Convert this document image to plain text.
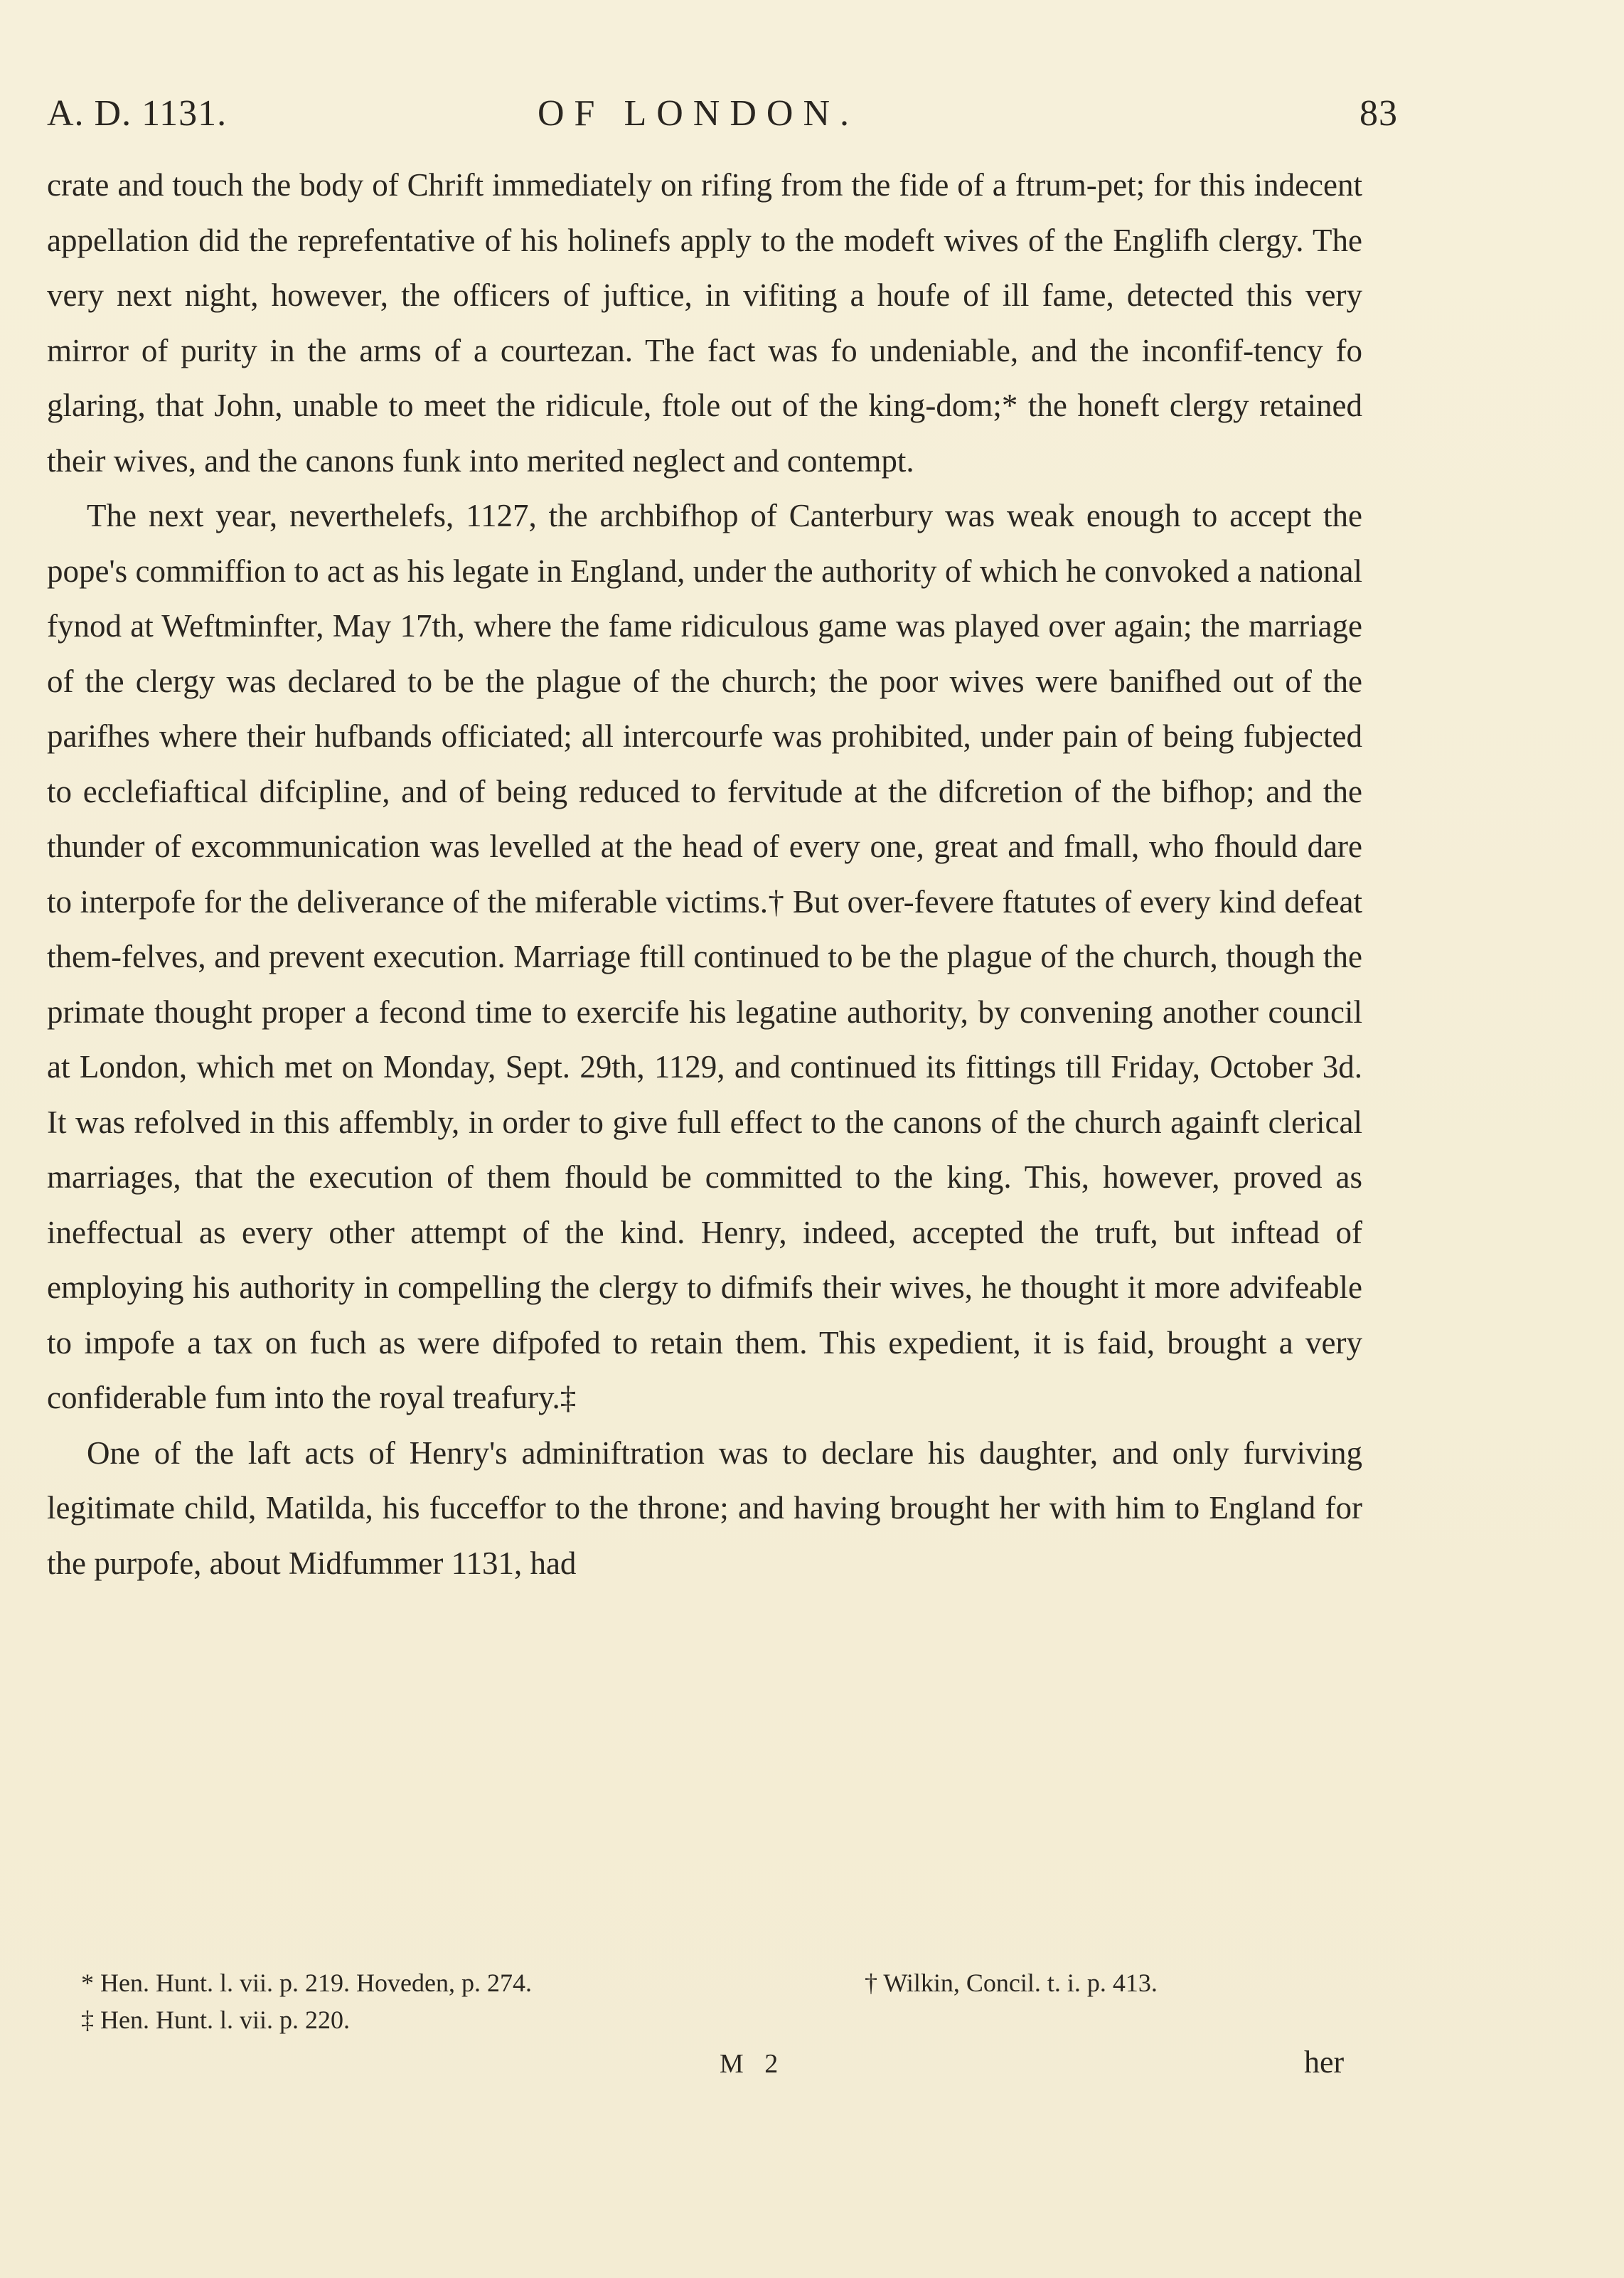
A. D. 1131.	OF LONDON.	83

crate and touch the body of Chrift immediately on rifing from the fide of a ftrum-pet; for this indecent appellation did the reprefentative of his holinefs apply to the modeft wives of the Englifh clergy. The very next night, however, the officers of juftice, in vifiting a houfe of ill fame, detected this very mirror of purity in the arms of a courtezan. The fact was fo undeniable, and the inconfif-tency fo glaring, that John, unable to meet the ridicule, ftole out of the king-dom;* the honeft clergy retained their wives, and the canons funk into merited neglect and contempt.

The next year, neverthelefs, 1127, the archbifhop of Canterbury was weak enough to accept the pope's commiffion to act as his legate in England, under the authority of which he convoked a national fynod at Weftminfter, May 17th, where the fame ridiculous game was played over again; the marriage of the clergy was declared to be the plague of the church; the poor wives were banifhed out of the parifhes where their hufbands officiated; all intercourfe was prohibited, under pain of being fubjected to ecclefiaftical difcipline, and of being reduced to fervitude at the difcretion of the bifhop; and the thunder of excommunication was levelled at the head of every one, great and fmall, who fhould dare to interpofe for the deliverance of the miferable victims.† But over-fevere ftatutes of every kind defeat them-felves, and prevent execution. Marriage ftill continued to be the plague of the church, though the primate thought proper a fecond time to exercife his legatine authority, by convening another council at London, which met on Monday, Sept. 29th, 1129, and continued its fittings till Friday, October 3d. It was refolved in this affembly, in order to give full effect to the canons of the church againft clerical marriages, that the execution of them fhould be committed to the king. This, however, proved as ineffectual as every other attempt of the kind. Henry, indeed, accepted the truft, but inftead of employing his authority in compelling the clergy to difmifs their wives, he thought it more advifeable to impofe a tax on fuch as were difpofed to retain them. This expedient, it is faid, brought a very confiderable fum into the royal treafury.‡

One of the laft acts of Henry's adminiftration was to declare his daughter, and only furviving legitimate child, Matilda, his fucceffor to the throne; and having brought her with him to England for the purpofe, about Midfummer 1131, had

* Hen. Hunt. l. vii. p. 219. Hoveden, p. 274.	† Wilkin, Concil. t. i. p. 413.
‡ Hen. Hunt. l. vii. p. 220.
M 2	her
